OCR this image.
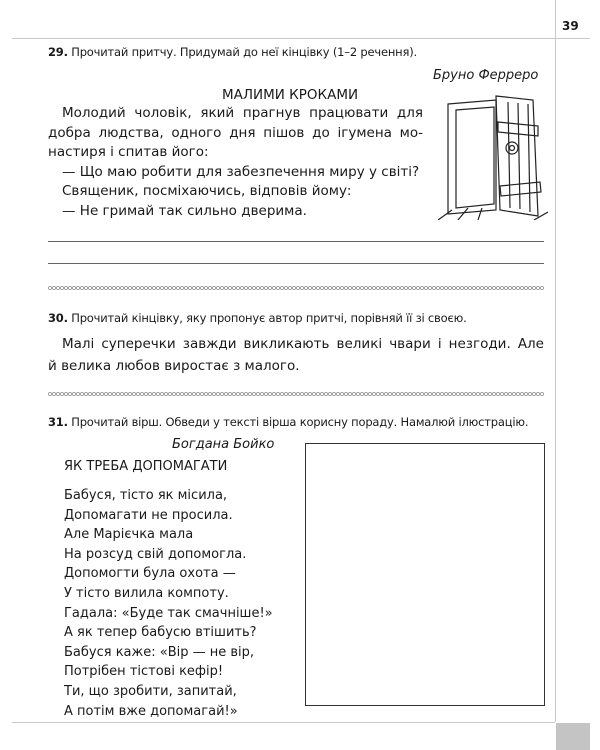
39
29. Прочитай притчу. Придумай до неї кінцівку (1–2 речення).
Бруно Ферреро
МАЛИМИ КРОКАМИ

Молодий чоловік, який прагнув працювати для

добра людства, одного дня пішов до ігумена мо-

настиря і спитав його:

— Що маю робити для забезпечення миру у світі?

Священик, посміхаючись, відповів йому:

— Не гримай так сильно дверима.

30. Прочитай кінцівку, яку пропонує автор притчі, порівняй її зі своєю.

Малі суперечки завжди викликають великі чвари і незгоди. Але

й велика любов виростає з малого.

31. Прочитай вірш. Обведи у тексті вірша корисну пораду. Намалюй ілюстрацію.
Богдана Бойко
ЯК ТРЕБА ДОПОМАГАТИ

Бабуся, тісто як місила,

Допомагати не просила.

Але Марієчка мала

На розсуд свій допомогла.

Допомогти була охота —

У тісто вилила компоту.

Гадала: «Буде так смачніше!»

А як тепер бабусю втішить?

Бабуся каже: «Вір — не вір,

Потрібен тістові кефір!

Ти, що зробити, запитай,

А потім вже допомагай!»
